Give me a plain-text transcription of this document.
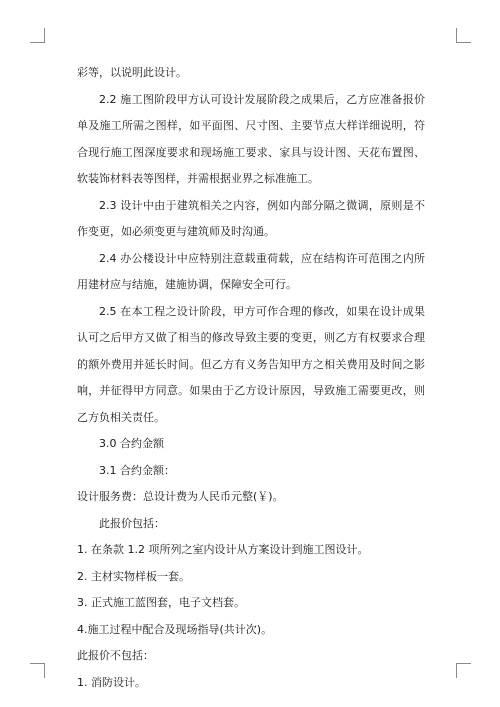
彩等，以说明此设计。

2.2 施工图阶段甲方认可设计发展阶段之成果后，乙方应准备报价单及施工所需之图样，如平面图、尺寸图、主要节点大样详细说明，符合现行施工图深度要求和现场施工要求、家具与设计图、天花布置图、软装饰材料表等图样，并需根据业界之标准施工。

2.3 设计中由于建筑相关之内容，例如内部分隔之微调，原则是不作变更，如必须变更与建筑师及时沟通。

2.4 办公楼设计中应特别注意载重荷载，应在结构许可范围之内所用建材应与结施，建施协调，保障安全可行。

2.5 在本工程之设计阶段，甲方可作合理的修改，如果在设计成果认可之后甲方又做了相当的修改导致主要的变更，则乙方有权要求合理的额外费用并延长时间。但乙方有义务告知甲方之相关费用及时间之影响，并征得甲方同意。如果由于乙方设计原因，导致施工需要更改，则乙方负相关责任。

3.0 合约金额

3.1 合约金额：

设计服务费：总设计费为人民币元整(￥)。

此报价包括：

1. 在条款 1.2 项所列之室内设计从方案设计到施工图设计。

2. 主材实物样板一套。

3. 正式施工蓝图套，电子文档套。

4.施工过程中配合及现场指导(共计次)。

此报价不包括：

1. 消防设计。
